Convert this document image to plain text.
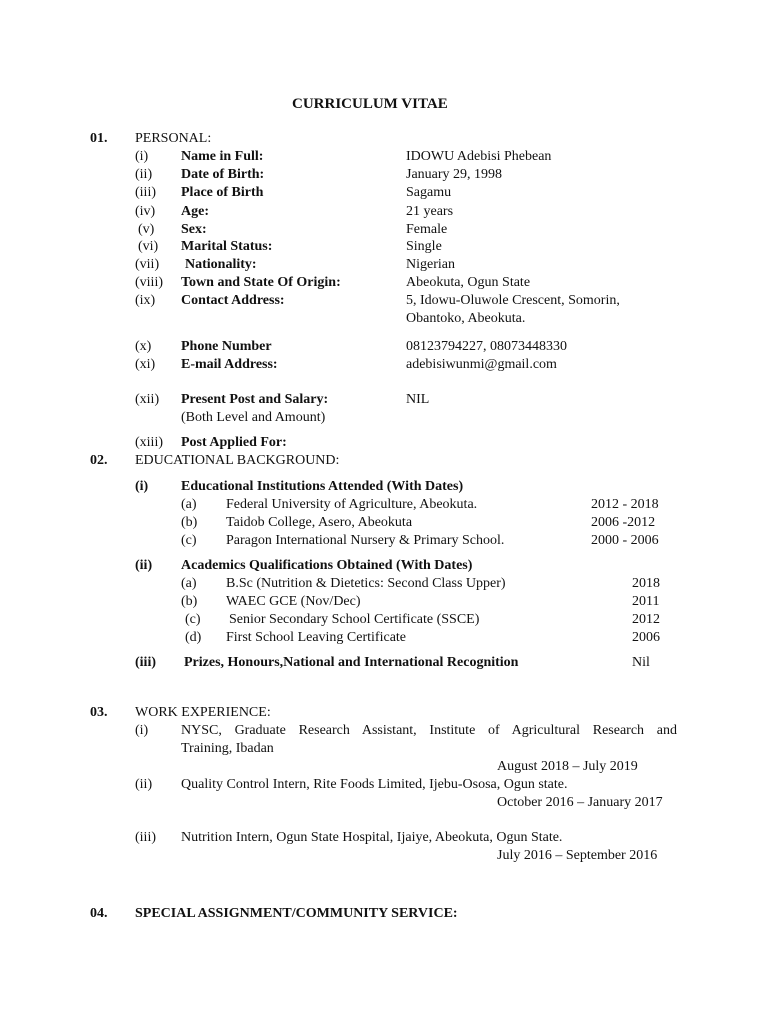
CURRICULUM VITAE
01. PERSONAL:
(i) Name in Full:	IDOWU Adebisi Phebean
(ii) Date of Birth:	January 29, 1998
(iii) Place of Birth	Sagamu
(iv) Age:	21 years
(v) Sex:	Female
(vi) Marital Status:	Single
(vii) Nationality:	Nigerian
(viii) Town and State Of Origin:	Abeokuta, Ogun State
(ix) Contact Address:	5, Idowu-Oluwole Crescent, Somorin,
Obantoko, Abeokuta.
(x) Phone Number	08123794227, 08073448330
(xi) E-mail Address:	adebisiwunmi@gmail.com
(xii) Present Post and Salary:
(Both Level and Amount)
NIL
(xiii) Post Applied For:
02. EDUCATIONAL BACKGROUND:
(i) Educational Institutions Attended (With Dates)
(a) Federal University of Agriculture, Abeokuta.	2012 - 2018
(b) Taidob College, Asero, Abeokuta	2006 -2012
(c) Paragon International Nursery & Primary School.	2000 - 2006
(ii) Academics Qualifications Obtained (With Dates)
(a) B.Sc (Nutrition & Dietetics: Second Class Upper)	2018
(b) WAEC GCE (Nov/Dec)	2011
(c) Senior Secondary School Certificate (SSCE)	2012
(d) First School Leaving Certificate	2006
(iii) Prizes, Honours,National and International Recognition	Nil
03. WORK EXPERIENCE:
(i) NYSC, Graduate Research Assistant, Institute of Agricultural Research and
Training, Ibadan
August 2018 – July 2019
(ii) Quality Control Intern, Rite Foods Limited, Ijebu-Ososa, Ogun state.
October 2016 – January 2017
(iii) Nutrition Intern, Ogun State Hospital, Ijaiye, Abeokuta, Ogun State.
July 2016 – September 2016
04. SPECIAL ASSIGNMENT/COMMUNITY SERVICE:
